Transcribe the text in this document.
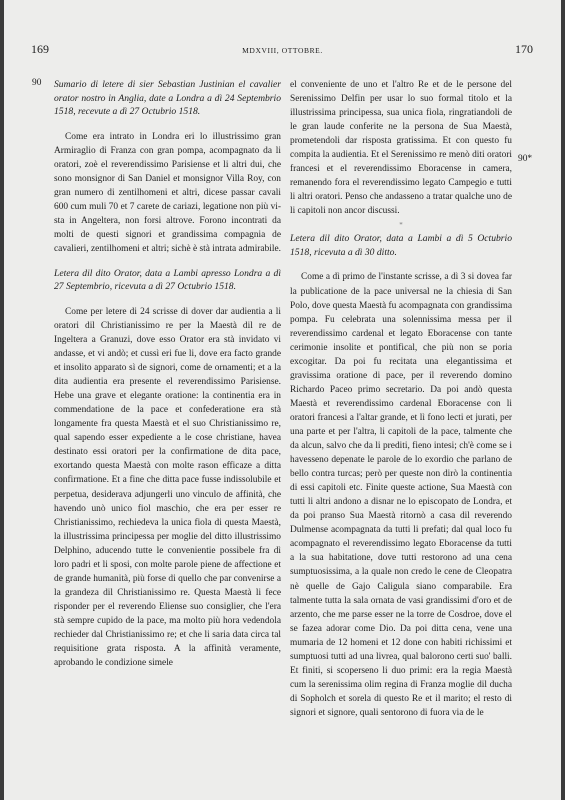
169	MDXVIII, OTTOBRE.	170
90
90*
Sumario di letere di sier Sebastian Justinian el cavalier orator nostro in Anglia, date a Londra a dì 24 Septembrio 1518, recevute a dì 27 Octubrio 1518.

Come era intrato in Londra eri lo illustrissimo gran Armiraglio di Franza con gran pompa, acompagnato da li oratori, zoè el reverendissimo Parisiense et li altri dui, che sono monsignor di San Daniel et monsignor Villa Roy, con gran numero di zentilhomeni et altri, dicese passar cavali 600 cum muli 70 et 7 carete de cariazi, legatione non più vi-sta in Angeltera, non forsi altrove. Forono incontrati da molti de questi signori et grandissima compagnia de cavalieri, zentilhomeni et altri; sichè è stà intrata admirabile.

Letera dil dito Orator, data a Lambi apresso Londra a dì 27 Septembrio, ricevuta a dì 27 Octubrio 1518.

Come per letere di 24 scrisse di dover dar audientia a li oratori dil Christianissimo re per la Maestà dil re de Ingeltera a Granuzi, dove esso Orator era stà invidato vi andasse, et vi andò; et cussì eri fue li, dove era facto grande et insolito apparato sì de signori, come de ornamenti; et a la dita audientia era presente el reverendissimo Parisiense. Hebe una grave et elegante oratione: la continentia era in commendatione de la pace et confederatione era stà longamente fra questa Maestà et el suo Christianissimo re, qual sapendo esser expediente a le cose christiane, havea destinato essi oratori per la confirmatione de dita pace, exortando questa Maestà con molte rason efficaze a ditta confirmatione. Et a fine che ditta pace fusse indissolubile et perpetua, desiderava adjungerli uno vinculo de affinità, che havendo unò unico fiol maschio, che era per esser re Christianissimo, rechiedeva la unica fiola di questa Maestà, la illustrissima principessa per moglie del ditto illustrissimo Delphino, aducendo tutte le convenientie possibele fra dì loro padri et li sposi, con molte parole piene de affectione et de grande humanità, più forse di quello che par convenirse a la grandeza dil Christianissimo re. Questa Maestà li fece risponder per el reverendo Eliense suo consiglier, che l'era stà sempre cupido de la pace, ma molto più hora vedendola rechieder dal Christianissimo re; et che li saria data circa tal requisitione grata risposta. A la affinità veramente, aprobando le condizione simele

el conveniente de uno et l'altro Re et de le persone del Serenissimo Delfin per usar lo suo formal titolo et la illustrissima principessa, sua unica fiola, ringratiandoli de le gran laude conferite ne la persona de Sua Maestà, prometendoli dar risposta gratissima. Et con questo fu compita la audientia. Et el Serenissimo re menò diti oratori francesi et el reverendissimo Eboracense in camera, remanendo fora el reverendissimo legato Campegio e tutti li altri oratori. Penso che andasseno a tratar qualche uno de li capitoli non ancor discussi.

*
Letera dil dito Orator, data a Lambi a dì 5 Octubrio 1518, ricevuta a dì 30 ditto.

Come a dì primo de l'instante scrisse, a dì 3 si dovea far la publicatione de la pace universal ne la chiesia di San Polo, dove questa Maestà fu acompagnata con grandissima pompa. Fu celebrata una solennissima messa per il reverendissimo cardenal et legato Eboracense con tante cerimonie insolite et pontifical, che più non se poria excogitar. Da poi fu recitata una elegantissima et gravissima oratione di pace, per il reverendo domino Richardo Paceo primo secretario. Da poi andò questa Maestà et reverendissimo cardenal Eboracense con li oratori francesi a l'altar grande, et lì fono lecti et jurati, per una parte et per l'altra, li capitoli de la pace, talmente che da alcun, salvo che da li prediti, fieno intesi; ch'è come se i havesseno depenate le parole de lo exordio che parlano de bello contra turcas; però per queste non dirò la continentia di essi capitoli etc. Finite queste actione, Sua Maestà con tutti li altri andono a disnar ne lo episcopato de Londra, et da poi pranso Sua Maestà ritornò a casa dil reverendo Dulmense acompagnata da tutti li prefati; dal qual loco fu acompagnato el reverendissimo legato Eboracense da tutti a la sua habitatione, dove tutti restorono ad una cena sumptuosissima, a la quale non credo le cene de Cleopatra nè quelle de Gajo Caligula siano comparabile. Era talmente tutta la sala ornata de vasi grandissimi d'oro et de arzento, che me parse esser ne la torre de Cosdroe, dove el se fazea adorar come Dio. Da poi ditta cena, vene una mumaria de 12 homeni et 12 done con habiti richissimi et sumptuosi tutti ad una livrea, qual balorono certi suo' balli. Et finiti, si scoperseno li duo primi: era la regia Maestà cum la serenissima olim regina di Franza moglie dil ducha di Sopholch et sorela di questo Re et il marito; el resto di signori et signore, quali sentorono di fuora via de le
